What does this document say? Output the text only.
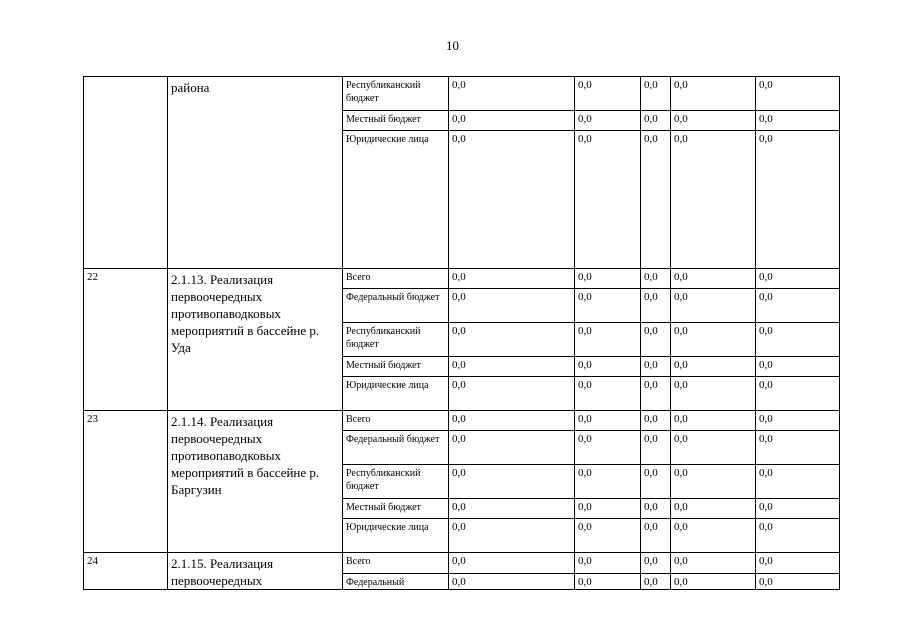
10
	района	Республиканский бюджет	0,0	0,0	0,0	0,0	0,0
		Местный бюджет	0,0	0,0	0,0	0,0	0,0
		Юридические лица	0,0	0,0	0,0	0,0	0,0
22	2.1.13. Реализация первоочередных противопаводковых мероприятий в бассейне р. Уда	Всего	0,0	0,0	0,0	0,0	0,0
		Федеральный бюджет	0,0	0,0	0,0	0,0	0,0
		Республиканский бюджет	0,0	0,0	0,0	0,0	0,0
		Местный бюджет	0,0	0,0	0,0	0,0	0,0
		Юридические лица	0,0	0,0	0,0	0,0	0,0
23	2.1.14. Реализация первоочередных противопаводковых мероприятий в бассейне р. Баргузин	Всего	0,0	0,0	0,0	0,0	0,0
		Федеральный бюджет	0,0	0,0	0,0	0,0	0,0
		Республиканский бюджет	0,0	0,0	0,0	0,0	0,0
		Местный бюджет	0,0	0,0	0,0	0,0	0,0
		Юридические лица	0,0	0,0	0,0	0,0	0,0
24	2.1.15. Реализация первоочередных	Всего	0,0	0,0	0,0	0,0	0,0
		Федеральный	0,0	0,0	0,0	0,0	0,0
